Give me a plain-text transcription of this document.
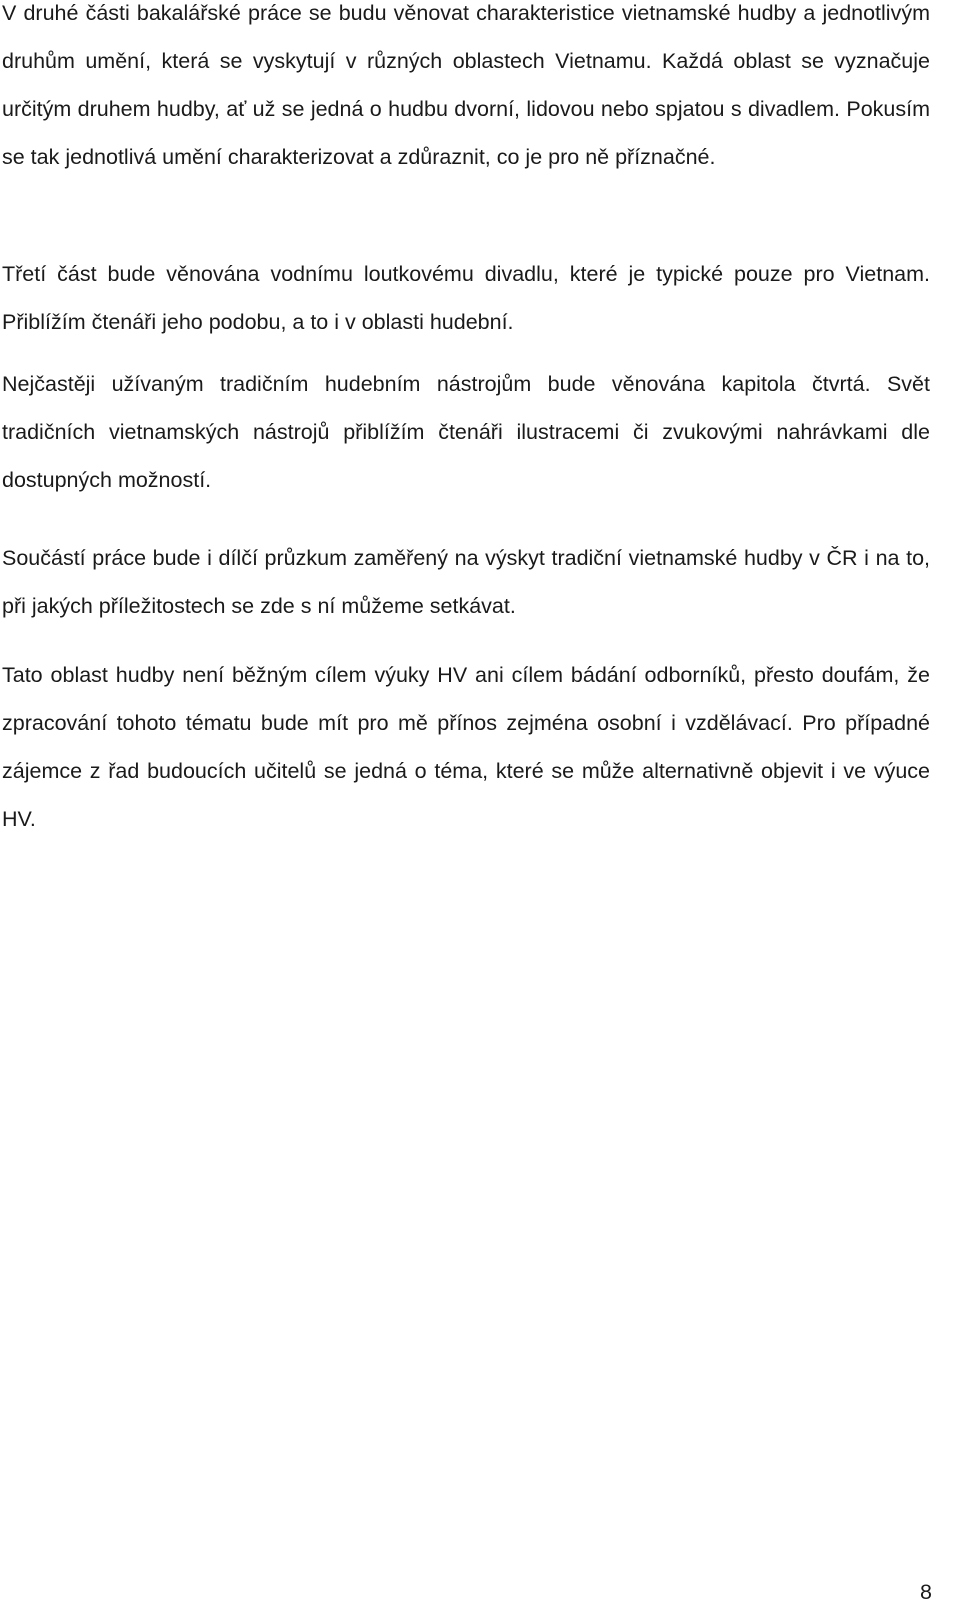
V druhé části bakalářské práce se budu věnovat charakteristice vietnamské hudby a jednotlivým druhům umění, která se vyskytují v různých oblastech Vietnamu. Každá oblast se vyznačuje určitým druhem hudby, ať už se jedná o hudbu dvorní, lidovou nebo spjatou s divadlem. Pokusím se tak jednotlivá umění charakterizovat a zdůraznit, co je pro ně příznačné.

Třetí část bude věnována vodnímu loutkovému divadlu, které je typické pouze pro Vietnam. Přiblížím čtenáři jeho podobu, a to i v oblasti hudební.

Nejčastěji užívaným tradičním hudebním nástrojům bude věnována kapitola čtvrtá. Svět tradičních vietnamských nástrojů přiblížím čtenáři ilustracemi či zvukovými nahrávkami dle dostupných možností.

Součástí práce bude i dílčí průzkum zaměřený na výskyt tradiční vietnamské hudby v ČR i na to, při jakých příležitostech se zde s ní můžeme setkávat.

Tato oblast hudby není běžným cílem výuky HV ani cílem bádání odborníků, přesto doufám, že zpracování tohoto tématu bude mít pro mě přínos zejména osobní i vzdělávací. Pro případné zájemce z řad budoucích učitelů se jedná o téma, které se může alternativně objevit i ve výuce HV.

8
